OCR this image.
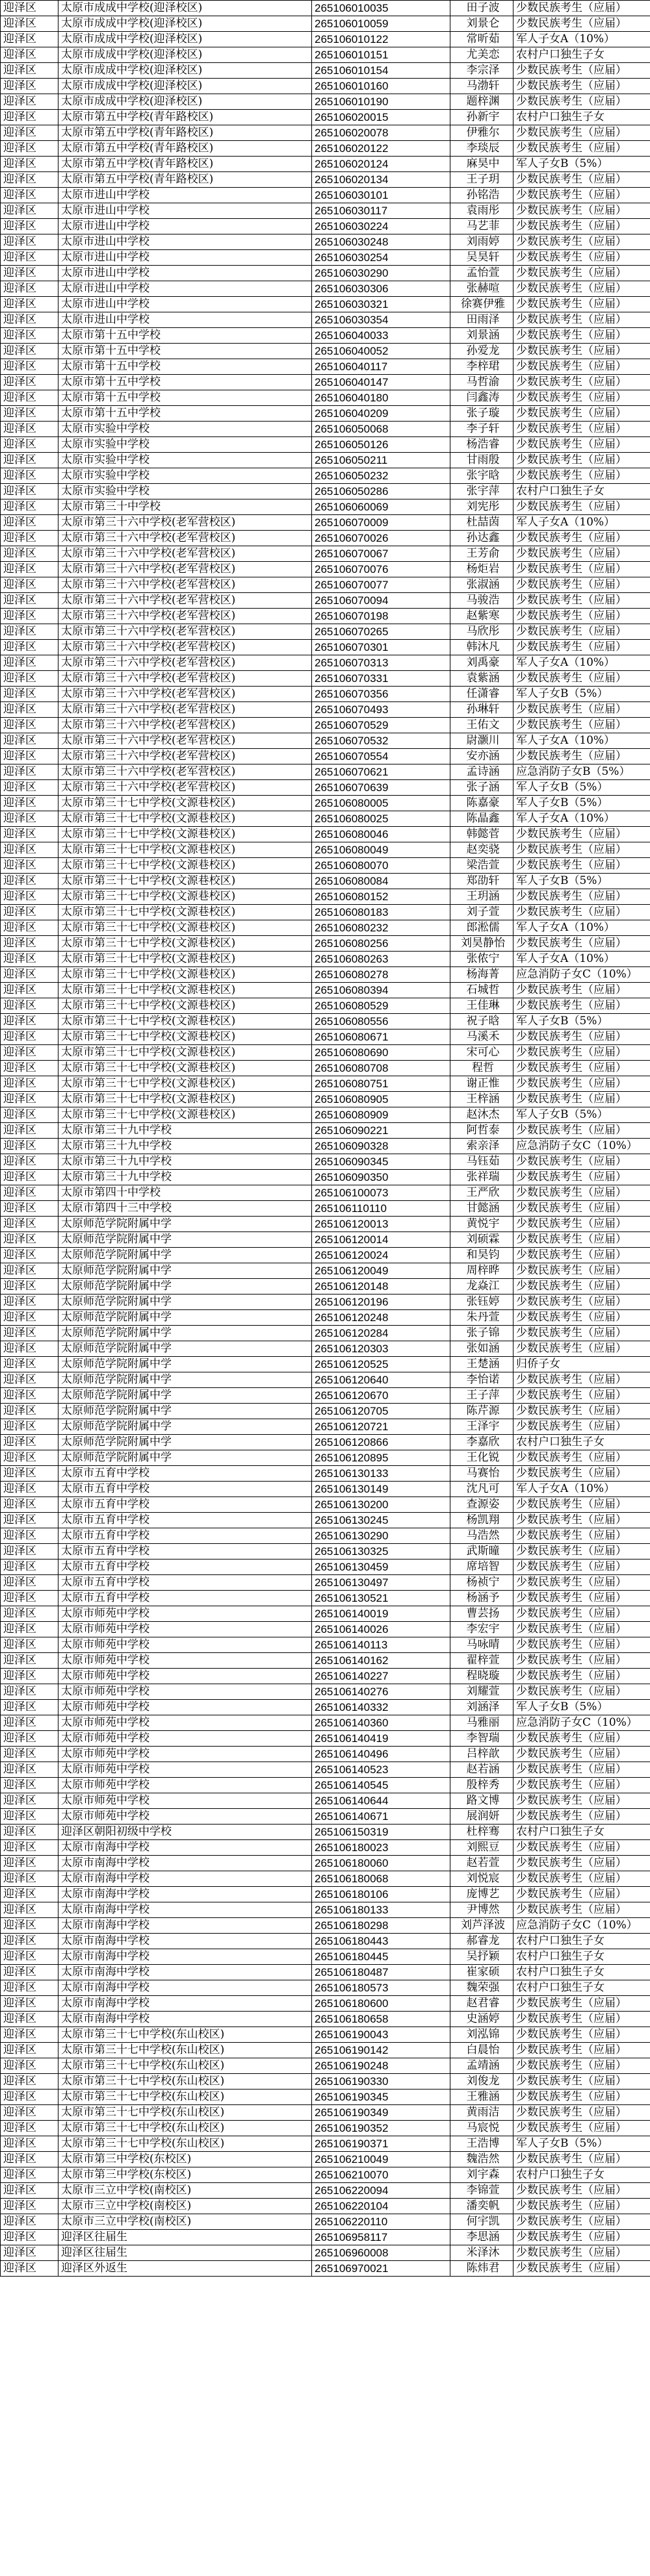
迎泽区	太原市成成中学校(迎泽校区)	265106010035	田子波	少数民族考生（应届）
迎泽区	太原市成成中学校(迎泽校区)	265106010059	刘景仑	少数民族考生（应届）
迎泽区	太原市成成中学校(迎泽校区)	265106010122	常昕茹	军人子女A（10%）
迎泽区	太原市成成中学校(迎泽校区)	265106010151	尤美恋	农村户口独生子女
迎泽区	太原市成成中学校(迎泽校区)	265106010154	李宗泽	少数民族考生（应届）
迎泽区	太原市成成中学校(迎泽校区)	265106010160	马渤轩	少数民族考生（应届）
迎泽区	太原市成成中学校(迎泽校区)	265106010190	题梓渊	少数民族考生（应届）
迎泽区	太原市第五中学校(青年路校区)	265106020015	孙新宇	农村户口独生子女
迎泽区	太原市第五中学校(青年路校区)	265106020078	伊雅尔	少数民族考生（应届）
迎泽区	太原市第五中学校(青年路校区)	265106020122	李琰辰	少数民族考生（应届）
迎泽区	太原市第五中学校(青年路校区)	265106020124	麻昊中	军人子女B（5%）
迎泽区	太原市第五中学校(青年路校区)	265106020134	王子玥	少数民族考生（应届）
迎泽区	太原市进山中学校	265106030101	孙铭浩	少数民族考生（应届）
迎泽区	太原市进山中学校	265106030117	袁雨彤	少数民族考生（应届）
迎泽区	太原市进山中学校	265106030224	马艺菲	少数民族考生（应届）
迎泽区	太原市进山中学校	265106030248	刘雨婷	少数民族考生（应届）
迎泽区	太原市进山中学校	265106030254	吴昊轩	少数民族考生（应届）
迎泽区	太原市进山中学校	265106030290	孟怡萱	少数民族考生（应届）
迎泽区	太原市进山中学校	265106030306	张赫喧	少数民族考生（应届）
迎泽区	太原市进山中学校	265106030321	徐赛伊雅	少数民族考生（应届）
迎泽区	太原市进山中学校	265106030354	田雨泽	少数民族考生（应届）
迎泽区	太原市第十五中学校	265106040033	刘景涵	少数民族考生（应届）
迎泽区	太原市第十五中学校	265106040052	孙爱龙	少数民族考生（应届）
迎泽区	太原市第十五中学校	265106040117	李梓珺	少数民族考生（应届）
迎泽区	太原市第十五中学校	265106040147	马哲渝	少数民族考生（应届）
迎泽区	太原市第十五中学校	265106040180	闫鑫涛	少数民族考生（应届）
迎泽区	太原市第十五中学校	265106040209	张子璇	少数民族考生（应届）
迎泽区	太原市实验中学校	265106050068	李子轩	少数民族考生（应届）
迎泽区	太原市实验中学校	265106050126	杨浩睿	少数民族考生（应届）
迎泽区	太原市实验中学校	265106050211	甘雨殷	少数民族考生（应届）
迎泽区	太原市实验中学校	265106050232	张宇晗	少数民族考生（应届）
迎泽区	太原市实验中学校	265106050286	张宇萍	农村户口独生子女
迎泽区	太原市第三十中学校	265106060069	刘宪彤	少数民族考生（应届）
迎泽区	太原市第三十六中学校(老军营校区)	265106070009	杜喆茵	军人子女A（10%）
迎泽区	太原市第三十六中学校(老军营校区)	265106070026	孙达鑫	少数民族考生（应届）
迎泽区	太原市第三十六中学校(老军营校区)	265106070067	王芳俞	少数民族考生（应届）
迎泽区	太原市第三十六中学校(老军营校区)	265106070076	杨炬岩	少数民族考生（应届）
迎泽区	太原市第三十六中学校(老军营校区)	265106070077	张淑涵	少数民族考生（应届）
迎泽区	太原市第三十六中学校(老军营校区)	265106070094	马骏浩	少数民族考生（应届）
迎泽区	太原市第三十六中学校(老军营校区)	265106070198	赵紫寒	少数民族考生（应届）
迎泽区	太原市第三十六中学校(老军营校区)	265106070265	马欣彤	少数民族考生（应届）
迎泽区	太原市第三十六中学校(老军营校区)	265106070301	韩沐凡	少数民族考生（应届）
迎泽区	太原市第三十六中学校(老军营校区)	265106070313	刘禹豪	军人子女A（10%）
迎泽区	太原市第三十六中学校(老军营校区)	265106070331	袁紫涵	少数民族考生（应届）
迎泽区	太原市第三十六中学校(老军营校区)	265106070356	任潇睿	军人子女B（5%）
迎泽区	太原市第三十六中学校(老军营校区)	265106070493	孙琳轩	少数民族考生（应届）
迎泽区	太原市第三十六中学校(老军营校区)	265106070529	王佑文	少数民族考生（应届）
迎泽区	太原市第三十六中学校(老军营校区)	265106070532	尉灏川	军人子女A（10%）
迎泽区	太原市第三十六中学校(老军营校区)	265106070554	安亦涵	少数民族考生（应届）
迎泽区	太原市第三十六中学校(老军营校区)	265106070621	孟诗涵	应急消防子女B（5%）
迎泽区	太原市第三十六中学校(老军营校区)	265106070639	张子涵	军人子女B（5%）
迎泽区	太原市第三十七中学校(文源巷校区)	265106080005	陈嘉豪	军人子女B（5%）
迎泽区	太原市第三十七中学校(文源巷校区)	265106080025	陈晶鑫	军人子女A（10%）
迎泽区	太原市第三十七中学校(文源巷校区)	265106080046	韩懿菅	少数民族考生（应届）
迎泽区	太原市第三十七中学校(文源巷校区)	265106080049	赵奕骁	少数民族考生（应届）
迎泽区	太原市第三十七中学校(文源巷校区)	265106080070	梁浩萱	少数民族考生（应届）
迎泽区	太原市第三十七中学校(文源巷校区)	265106080084	郑劭轩	军人子女B（5%）
迎泽区	太原市第三十七中学校(文源巷校区)	265106080152	王玥涵	少数民族考生（应届）
迎泽区	太原市第三十七中学校(文源巷校区)	265106080183	刘子萱	少数民族考生（应届）
迎泽区	太原市第三十七中学校(文源巷校区)	265106080232	郎淞儒	军人子女A（10%）
迎泽区	太原市第三十七中学校(文源巷校区)	265106080256	刘昊静怡	少数民族考生（应届）
迎泽区	太原市第三十七中学校(文源巷校区)	265106080263	张侬宁	军人子女A（10%）
迎泽区	太原市第三十七中学校(文源巷校区)	265106080278	杨海菁	应急消防子女C（10%）
迎泽区	太原市第三十七中学校(文源巷校区)	265106080394	石城哲	少数民族考生（应届）
迎泽区	太原市第三十七中学校(文源巷校区)	265106080529	王佳琳	少数民族考生（应届）
迎泽区	太原市第三十七中学校(文源巷校区)	265106080556	祝子晗	军人子女B（5%）
迎泽区	太原市第三十七中学校(文源巷校区)	265106080671	马溪禾	少数民族考生（应届）
迎泽区	太原市第三十七中学校(文源巷校区)	265106080690	宋可心	少数民族考生（应届）
迎泽区	太原市第三十七中学校(文源巷校区)	265106080708	程哲	少数民族考生（应届）
迎泽区	太原市第三十七中学校(文源巷校区)	265106080751	谢正惟	少数民族考生（应届）
迎泽区	太原市第三十七中学校(文源巷校区)	265106080905	王梓涵	少数民族考生（应届）
迎泽区	太原市第三十七中学校(文源巷校区)	265106080909	赵沐杰	军人子女B（5%）
迎泽区	太原市第三十九中学校	265106090221	阿哲泰	少数民族考生（应届）
迎泽区	太原市第三十九中学校	265106090328	索亲泽	应急消防子女C（10%）
迎泽区	太原市第三十九中学校	265106090345	马钰茹	少数民族考生（应届）
迎泽区	太原市第三十九中学校	265106090350	张祥瑞	少数民族考生（应届）
迎泽区	太原市第四十中学校	265106100073	王严欣	少数民族考生（应届）
迎泽区	太原市第四十三中学校	265106110110	甘懿涵	少数民族考生（应届）
迎泽区	太原师范学院附属中学	265106120013	黄悦宇	少数民族考生（应届）
迎泽区	太原师范学院附属中学	265106120014	刘硕霖	少数民族考生（应届）
迎泽区	太原师范学院附属中学	265106120024	和昊钧	少数民族考生（应届）
迎泽区	太原师范学院附属中学	265106120049	周梓晔	少数民族考生（应届）
迎泽区	太原师范学院附属中学	265106120148	龙焱江	少数民族考生（应届）
迎泽区	太原师范学院附属中学	265106120196	张钰婷	少数民族考生（应届）
迎泽区	太原师范学院附属中学	265106120248	朱丹萱	少数民族考生（应届）
迎泽区	太原师范学院附属中学	265106120284	张子锦	少数民族考生（应届）
迎泽区	太原师范学院附属中学	265106120303	张如涵	少数民族考生（应届）
迎泽区	太原师范学院附属中学	265106120525	王楚涵	归侨子女
迎泽区	太原师范学院附属中学	265106120640	李怡诺	少数民族考生（应届）
迎泽区	太原师范学院附属中学	265106120670	王子萍	少数民族考生（应届）
迎泽区	太原师范学院附属中学	265106120705	陈芹源	少数民族考生（应届）
迎泽区	太原师范学院附属中学	265106120721	王泽宇	少数民族考生（应届）
迎泽区	太原师范学院附属中学	265106120866	李嘉欣	农村户口独生子女
迎泽区	太原师范学院附属中学	265106120895	王化锐	少数民族考生（应届）
迎泽区	太原市五育中学校	265106130133	马赛怡	少数民族考生（应届）
迎泽区	太原市五育中学校	265106130149	沈凡可	军人子女A（10%）
迎泽区	太原市五育中学校	265106130200	查源姿	少数民族考生（应届）
迎泽区	太原市五育中学校	265106130245	杨凯翔	少数民族考生（应届）
迎泽区	太原市五育中学校	265106130290	马浩然	少数民族考生（应届）
迎泽区	太原市五育中学校	265106130325	武斯曈	少数民族考生（应届）
迎泽区	太原市五育中学校	265106130459	席培智	少数民族考生（应届）
迎泽区	太原市五育中学校	265106130497	杨祯宁	少数民族考生（应届）
迎泽区	太原市五育中学校	265106130521	杨涵予	少数民族考生（应届）
迎泽区	太原市师苑中学校	265106140019	曹芸扬	少数民族考生（应届）
迎泽区	太原市师苑中学校	265106140026	李宏宇	少数民族考生（应届）
迎泽区	太原市师苑中学校	265106140113	马咏晴	少数民族考生（应届）
迎泽区	太原市师苑中学校	265106140162	翟梓萱	少数民族考生（应届）
迎泽区	太原市师苑中学校	265106140227	程晓璇	少数民族考生（应届）
迎泽区	太原市师苑中学校	265106140276	刘耀萱	少数民族考生（应届）
迎泽区	太原市师苑中学校	265106140332	刘涵泽	军人子女B（5%）
迎泽区	太原市师苑中学校	265106140360	马雅丽	应急消防子女C（10%）
迎泽区	太原市师苑中学校	265106140419	李智瑞	少数民族考生（应届）
迎泽区	太原市师苑中学校	265106140496	吕梓歆	少数民族考生（应届）
迎泽区	太原市师苑中学校	265106140523	赵若涵	少数民族考生（应届）
迎泽区	太原市师苑中学校	265106140545	殷梓秀	少数民族考生（应届）
迎泽区	太原市师苑中学校	265106140644	路文博	少数民族考生（应届）
迎泽区	太原市师苑中学校	265106140671	展润妍	少数民族考生（应届）
迎泽区	迎泽区朝阳初级中学校	265106150319	杜梓骞	农村户口独生子女
迎泽区	太原市南海中学校	265106180023	刘熙豆	少数民族考生（应届）
迎泽区	太原市南海中学校	265106180060	赵若萱	少数民族考生（应届）
迎泽区	太原市南海中学校	265106180068	刘悦宸	少数民族考生（应届）
迎泽区	太原市南海中学校	265106180106	庞博艺	少数民族考生（应届）
迎泽区	太原市南海中学校	265106180133	尹博然	少数民族考生（应届）
迎泽区	太原市南海中学校	265106180298	刘芦泽波	应急消防子女C（10%）
迎泽区	太原市南海中学校	265106180443	郝睿龙	农村户口独生子女
迎泽区	太原市南海中学校	265106180445	吴抒颖	农村户口独生子女
迎泽区	太原市南海中学校	265106180487	崔家硕	农村户口独生子女
迎泽区	太原市南海中学校	265106180573	魏荣强	农村户口独生子女
迎泽区	太原市南海中学校	265106180600	赵君睿	少数民族考生（应届）
迎泽区	太原市南海中学校	265106180658	史涵婷	少数民族考生（应届）
迎泽区	太原市第三十七中学校(东山校区)	265106190043	刘泓锦	少数民族考生（应届）
迎泽区	太原市第三十七中学校(东山校区)	265106190142	白晨怡	少数民族考生（应届）
迎泽区	太原市第三十七中学校(东山校区)	265106190248	孟靖涵	少数民族考生（应届）
迎泽区	太原市第三十七中学校(东山校区)	265106190330	刘俊龙	少数民族考生（应届）
迎泽区	太原市第三十七中学校(东山校区)	265106190345	王雅涵	少数民族考生（应届）
迎泽区	太原市第三十七中学校(东山校区)	265106190349	黄雨洁	少数民族考生（应届）
迎泽区	太原市第三十七中学校(东山校区)	265106190352	马宸悦	少数民族考生（应届）
迎泽区	太原市第三十七中学校(东山校区)	265106190371	王浩博	军人子女B（5%）
迎泽区	太原市第三中学校(东校区)	265106210049	魏浩然	少数民族考生（应届）
迎泽区	太原市第三中学校(东校区)	265106210070	刘宇森	农村户口独生子女
迎泽区	太原市三立中学校(南校区)	265106220094	李锦萱	少数民族考生（应届）
迎泽区	太原市三立中学校(南校区)	265106220104	潘奕帆	少数民族考生（应届）
迎泽区	太原市三立中学校(南校区)	265106220110	何宇凯	少数民族考生（应届）
迎泽区	迎泽区往届生	265106958117	李思涵	少数民族考生（应届）
迎泽区	迎泽区往届生	265106960008	米泽沐	少数民族考生（应届）
迎泽区	迎泽区外返生	265106970021	陈炜君	少数民族考生（应届）
